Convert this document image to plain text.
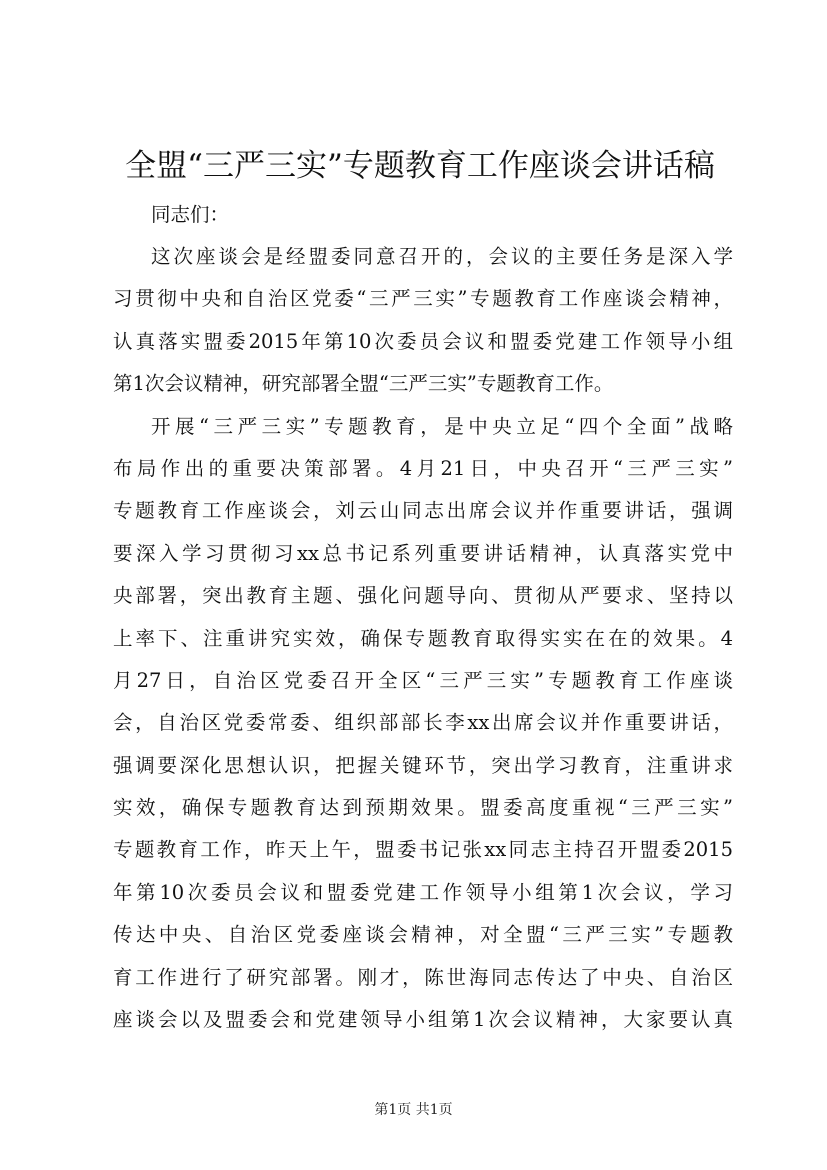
全盟“三严三实”专题教育工作座谈会讲话稿

同志们：

这次座谈会是经盟委同意召开的，会议的主要任务是深入学
习贯彻中央和自治区党委“三严三实”专题教育工作座谈会精神，
认真落实盟委2015年第10次委员会议和盟委党建工作领导小组
第1次会议精神，研究部署全盟“三严三实”专题教育工作。
开展“三严三实”专题教育，是中央立足“四个全面”战略
布局作出的重要决策部署。4月21日，中央召开“三严三实”
专题教育工作座谈会，刘云山同志出席会议并作重要讲话，强调
要深入学习贯彻习xx总书记系列重要讲话精神，认真落实党中
央部署，突出教育主题、强化问题导向、贯彻从严要求、坚持以
上率下、注重讲究实效，确保专题教育取得实实在在的效果。4
月27日，自治区党委召开全区“三严三实”专题教育工作座谈
会，自治区党委常委、组织部部长李xx出席会议并作重要讲话，
强调要深化思想认识，把握关键环节，突出学习教育，注重讲求
实效，确保专题教育达到预期效果。盟委高度重视“三严三实”
专题教育工作，昨天上午，盟委书记张xx同志主持召开盟委2015
年第10次委员会议和盟委党建工作领导小组第1次会议，学习
传达中央、自治区党委座谈会精神，对全盟“三严三实”专题教
育工作进行了研究部署。刚才，陈世海同志传达了中央、自治区
座谈会以及盟委会和党建领导小组第1次会议精神，大家要认真
第1页 共1页
